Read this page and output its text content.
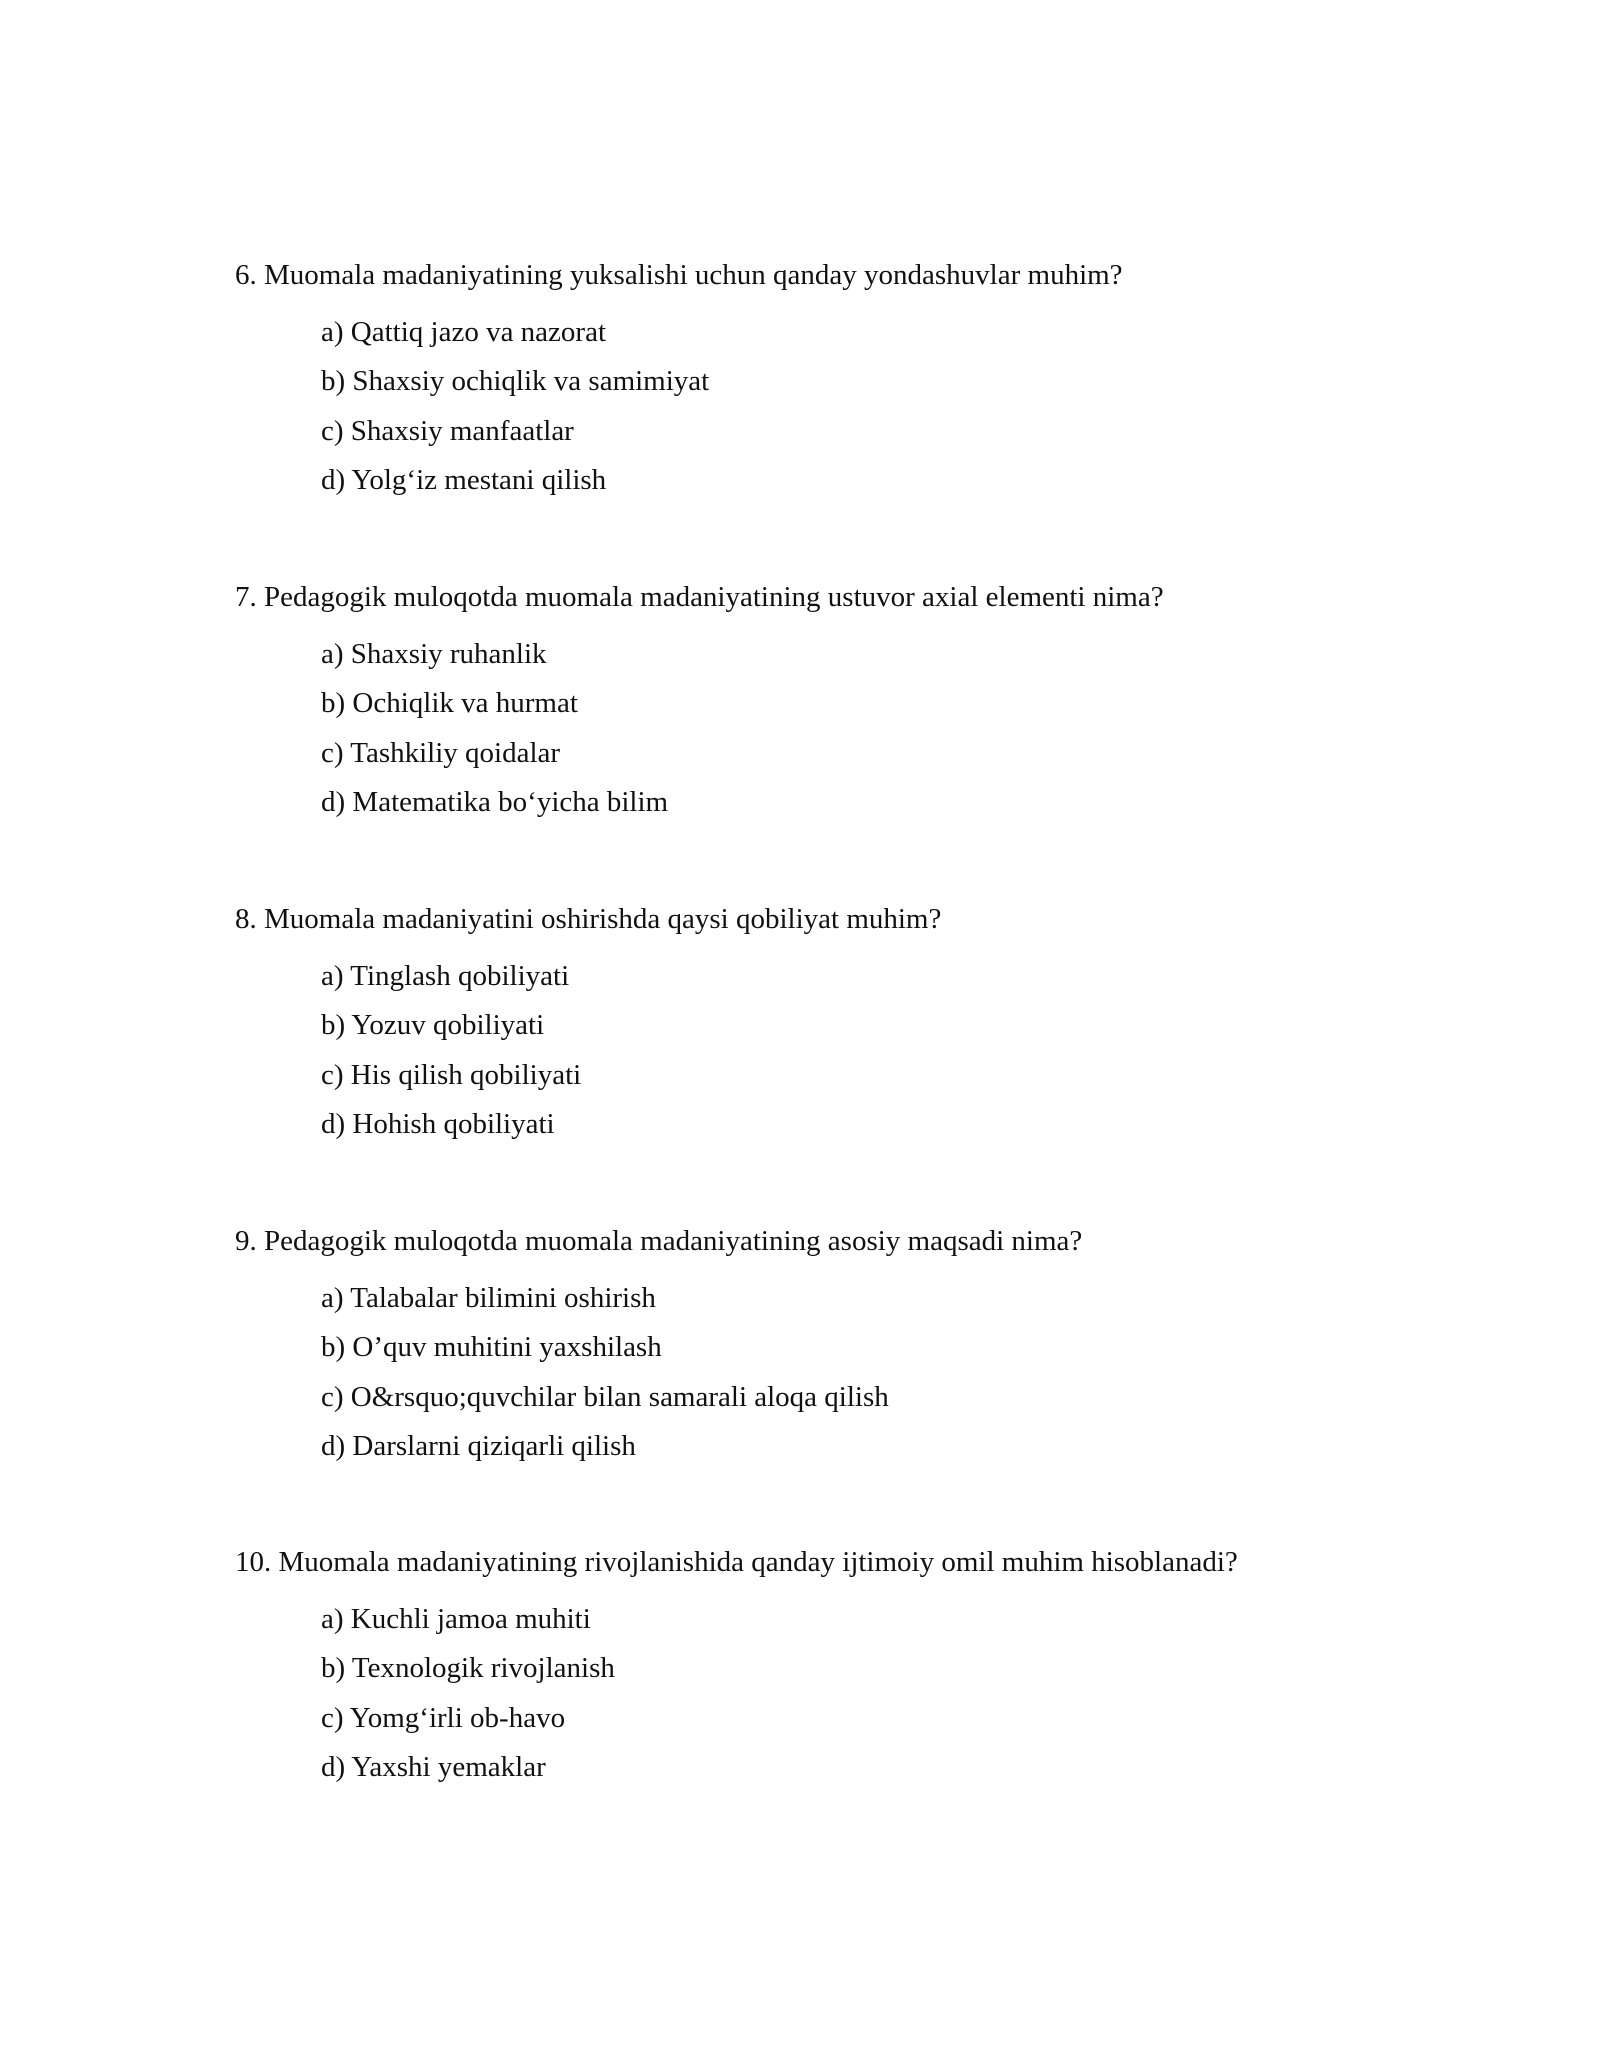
6. Muomala madaniyatining yuksalishi uchun qanday yondashuvlar muhim?

a) Qattiq jazo va nazorat
b) Shaxsiy ochiqlik va samimiyat
c) Shaxsiy manfaatlar
d) Yolg‘iz mestani qilish

7. Pedagogik muloqotda muomala madaniyatining ustuvor axial elementi nima?

a) Shaxsiy ruhanlik
b) Ochiqlik va hurmat
c) Tashkiliy qoidalar
d) Matematika bo‘yicha bilim

8. Muomala madaniyatini oshirishda qaysi qobiliyat muhim?

a) Tinglash qobiliyati
b) Yozuv qobiliyati
c) His qilish qobiliyati
d) Hohish qobiliyati

9. Pedagogik muloqotda muomala madaniyatining asosiy maqsadi nima?

a) Talabalar bilimini oshirish
b) O’quv muhitini yaxshilash
c) O&rsquo;quvchilar bilan samarali aloqa qilish
d) Darslarni qiziqarli qilish

10. Muomala madaniyatining rivojlanishida qanday ijtimoiy omil muhim hisoblanadi?

a) Kuchli jamoa muhiti
b) Texnologik rivojlanish
c) Yomg‘irli ob-havo
d) Yaxshi yemaklar
